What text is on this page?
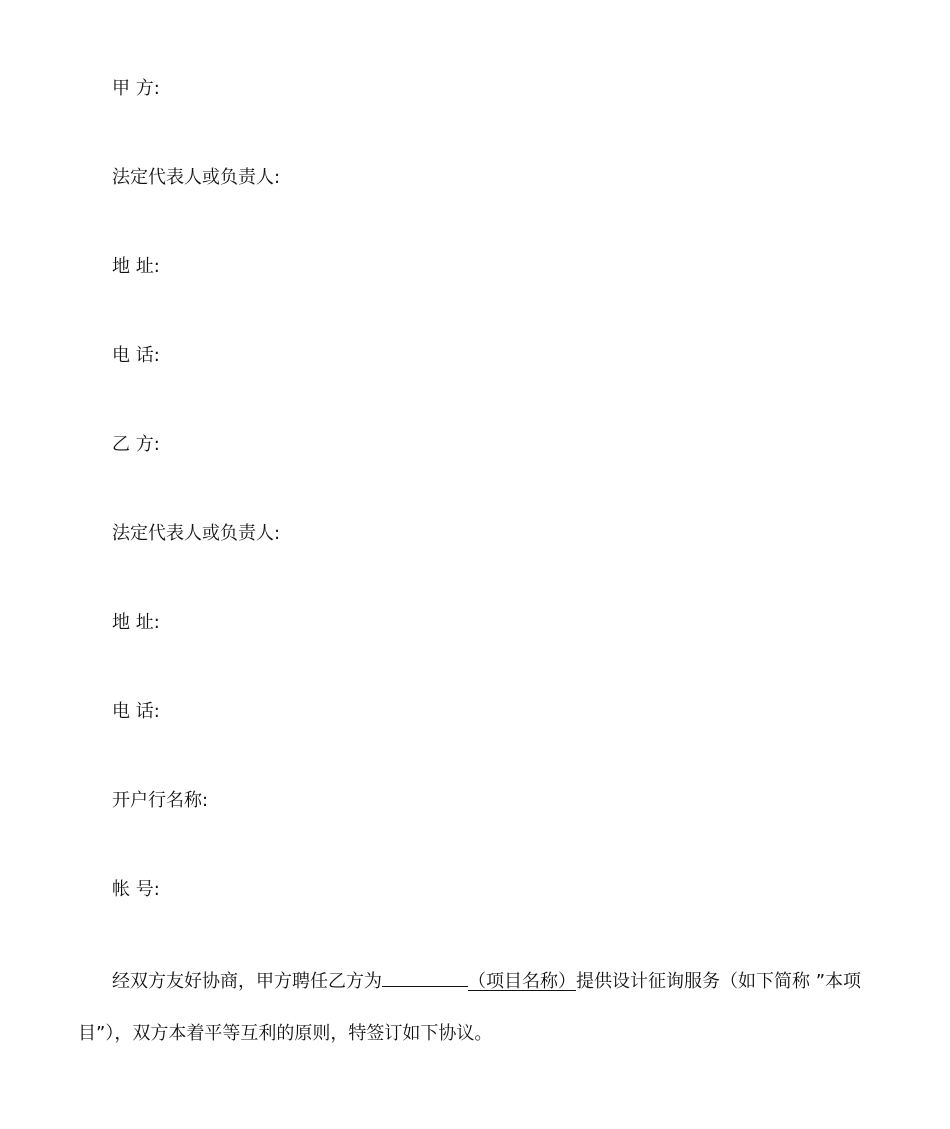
甲 方:
法定代表人或负责人:
地 址:
电 话:
乙 方:
法定代表人或负责人:
地 址:
电 话:
开户行名称:
帐 号:
经双方友好协商，甲方聘任乙方为	（项目名称）提供设计征询服务（如下简称 ”本项
目”），双方本着平等互利的原则，特签订如下协议。
